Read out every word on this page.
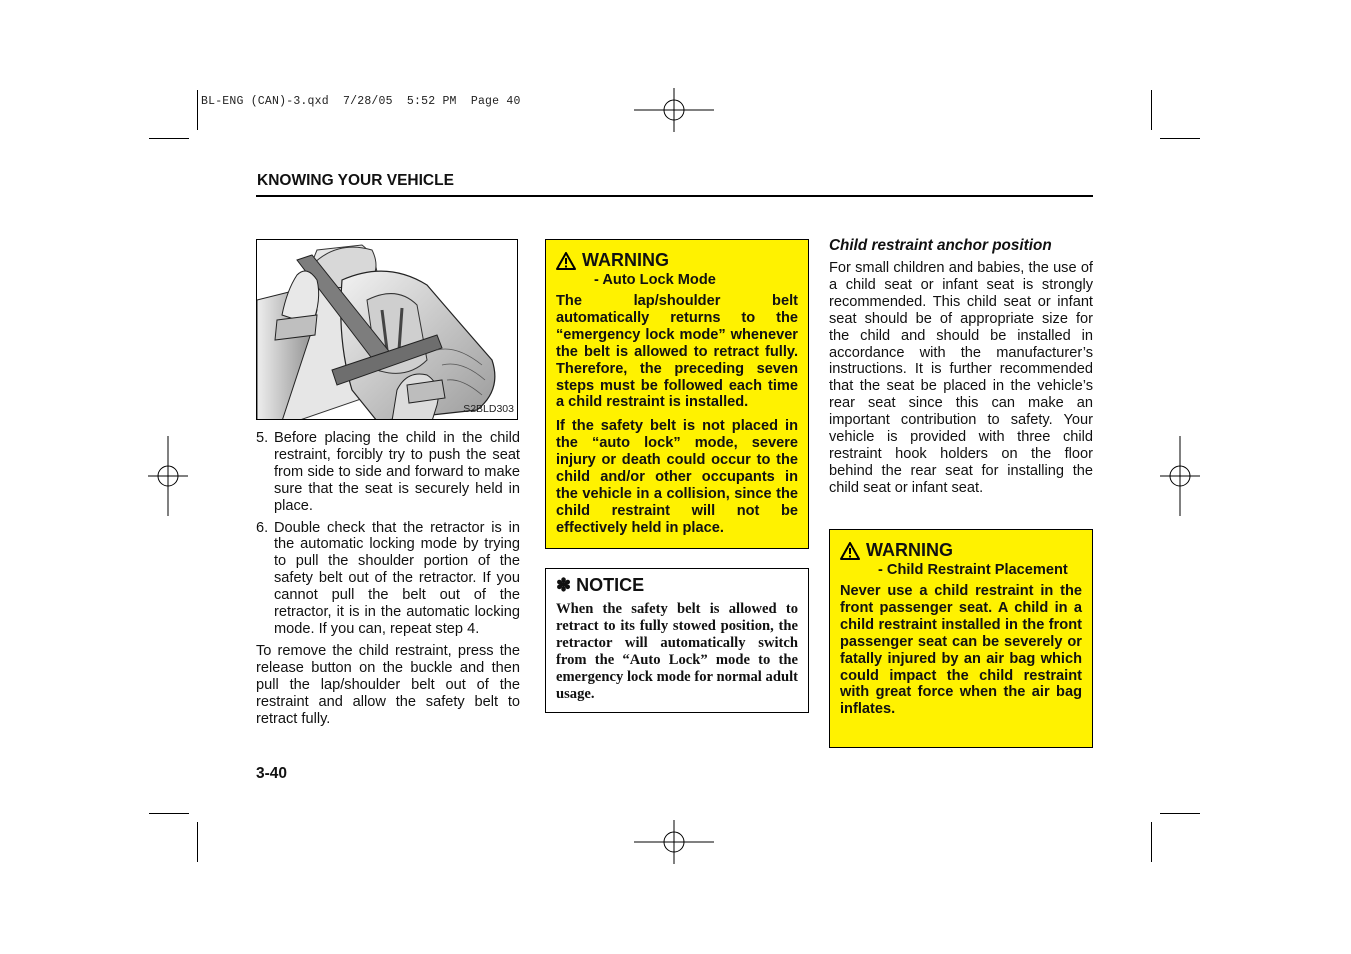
BL-ENG (CAN)-3.qxd  7/28/05  5:52 PM  Page 40
KNOWING YOUR VEHICLE
S2BLD303
5. Before placing the child in the child restraint, forcibly try to push the seat from side to side and forward to make sure that the seat is securely held in place.
6. Double check that the retractor is in the automatic locking mode by trying to pull the shoulder portion of the safety belt out of the retractor. If you cannot pull the belt out of the retractor, it is in the automatic locking mode. If you can, repeat step 4.
To remove the child restraint, press the release button on the buckle and then pull the lap/shoulder belt out of the restraint and allow the safety belt to retract fully.
WARNING
- Auto Lock Mode
The lap/shoulder belt automatically returns to the “emergency lock mode” whenever the belt is allowed to retract fully. Therefore, the preceding seven steps must be followed each time a child restraint is installed.
If the safety belt is not placed in the “auto lock” mode, severe injury or death could occur to the child and/or other occupants in the vehicle in a collision, since the child restraint will not be effectively held in place.
✽ NOTICE
When the safety belt is allowed to retract to its fully stowed position, the retractor will automatically switch from the “Auto Lock” mode to the emergency lock mode for normal adult usage.
Child restraint anchor position
For small children and babies, the use of a child seat or infant seat is strongly recommended. This child seat or infant seat should be of appropriate size for the child and should be installed in accordance with the manufacturer’s instructions. It is further recommended that the seat be placed in the vehicle’s rear seat since this can make an important contribution to safety. Your vehicle is provided with three child restraint hook holders on the floor behind the rear seat for installing the child seat or infant seat.
WARNING
- Child Restraint Placement
Never use a child restraint in the front passenger seat. A child in a child restraint installed in the front passenger seat can be severely or fatally injured by an air bag which could impact the child restraint with great force when the air bag inflates.
3-40
